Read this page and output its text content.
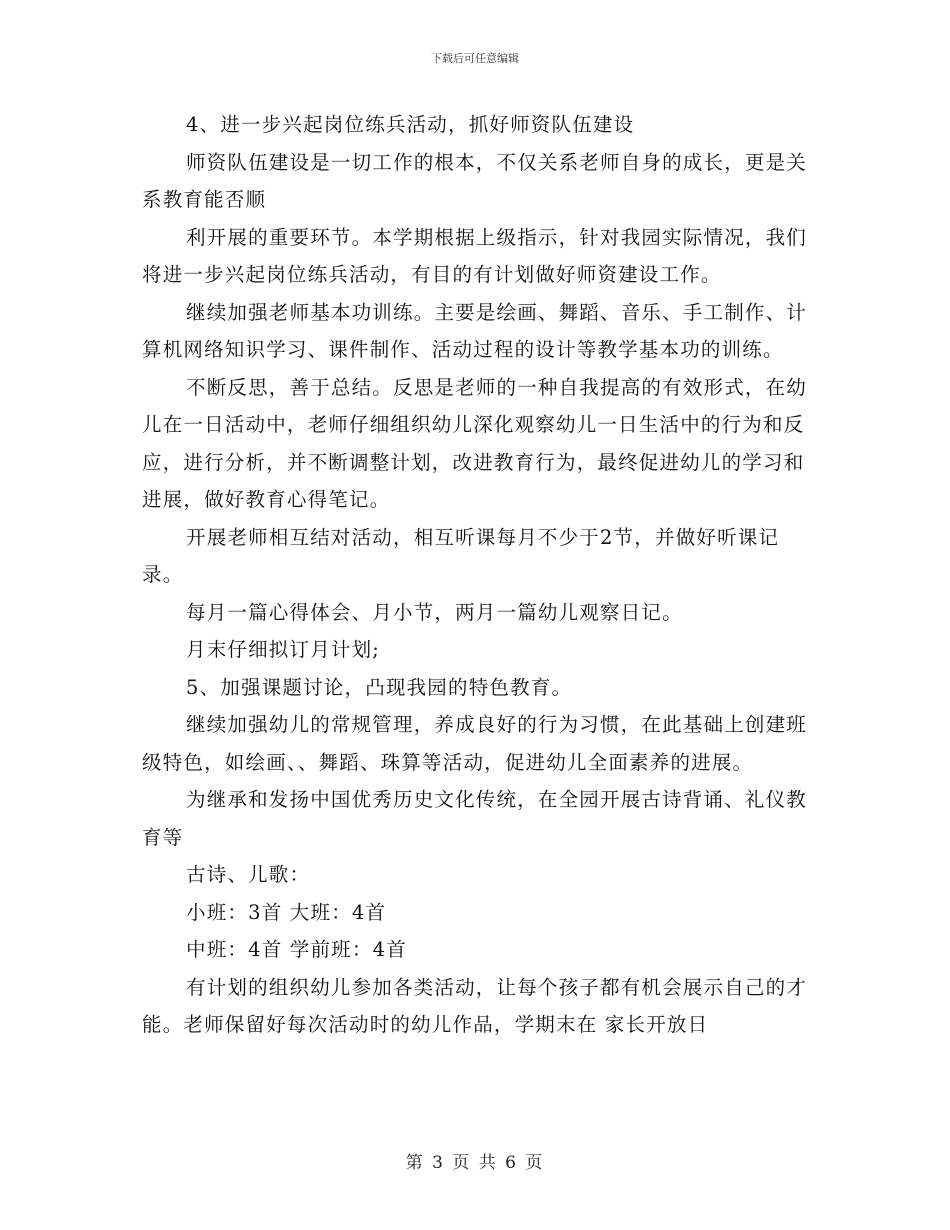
下载后可任意编辑

4、进一步兴起岗位练兵活动，抓好师资队伍建设

师资队伍建设是一切工作的根本，不仅关系老师自身的成长，更是关系教育能否顺

利开展的重要环节。本学期根据上级指示，针对我园实际情况，我们将进一步兴起岗位练兵活动，有目的有计划做好师资建设工作。

继续加强老师基本功训练。主要是绘画、舞蹈、音乐、手工制作、计算机网络知识学习、课件制作、活动过程的设计等教学基本功的训练。

不断反思，善于总结。反思是老师的一种自我提高的有效形式，在幼儿在一日活动中，老师仔细组织幼儿深化观察幼儿一日生活中的行为和反应，进行分析，并不断调整计划，改进教育行为，最终促进幼儿的学习和进展，做好教育心得笔记。

开展老师相互结对活动，相互听课每月不少于2节，并做好听课记录。

每月一篇心得体会、月小节，两月一篇幼儿观察日记。

月末仔细拟订月计划;

5、加强课题讨论，凸现我园的特色教育。

继续加强幼儿的常规管理，养成良好的行为习惯，在此基础上创建班级特色，如绘画、、舞蹈、珠算等活动，促进幼儿全面素养的进展。

为继承和发扬中国优秀历史文化传统，在全园开展古诗背诵、礼仪教育等

古诗、儿歌：

小班：3首 大班：4首

中班：4首 学前班：4首

有计划的组织幼儿参加各类活动，让每个孩子都有机会展示自己的才能。老师保留好每次活动时的幼儿作品，学期末在 家长开放日

第 3 页 共 6 页
